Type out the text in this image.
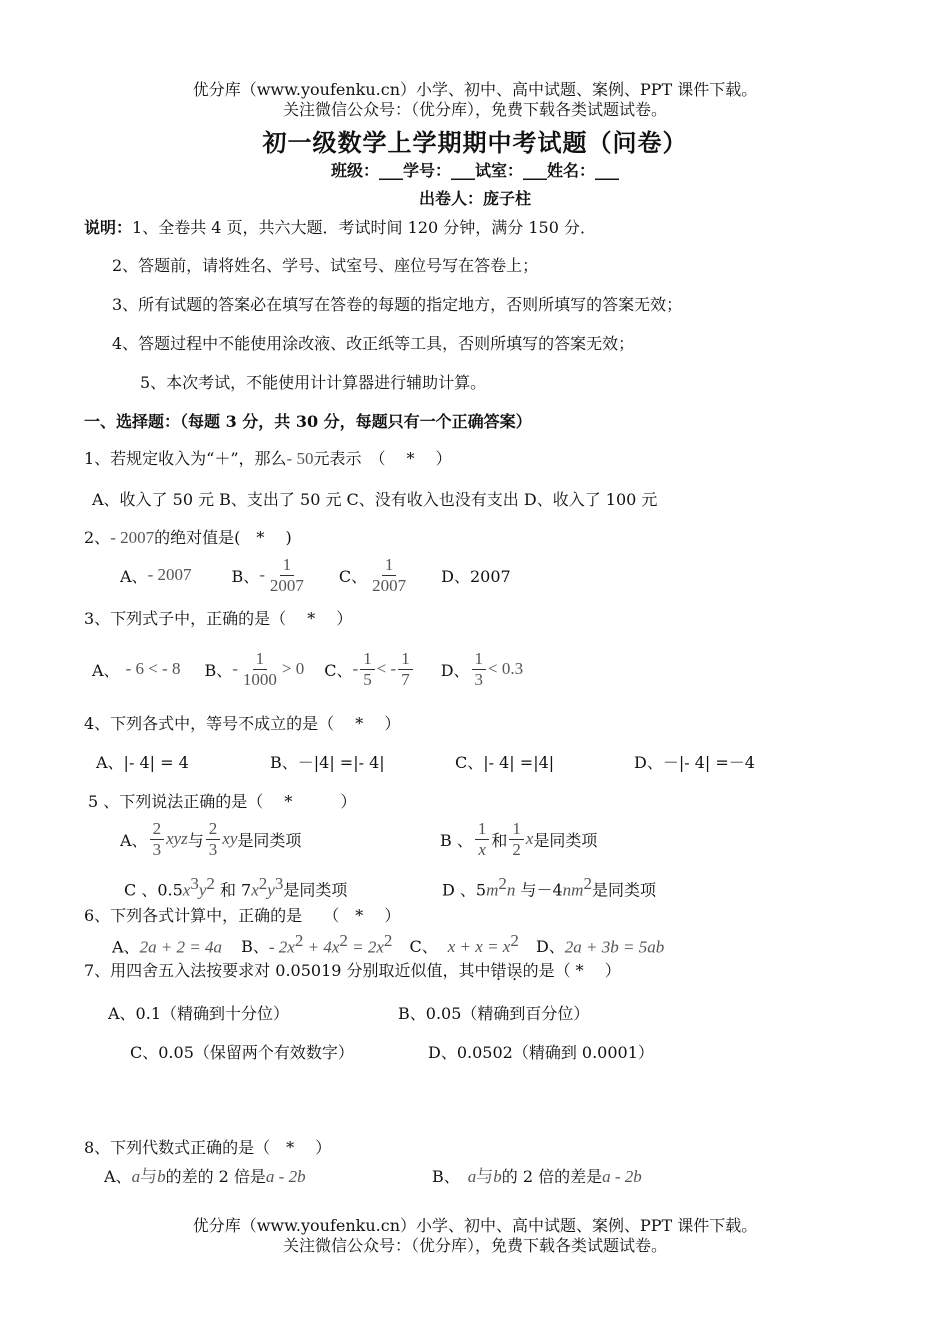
优分库（www.youfenku.cn）小学、初中、高中试题、案例、PPT 课件下载。
关注微信公众号：（优分库），免费下载各类试题试卷。
初一级数学上学期期中考试题（问卷）
班级：___学号：___试室：___姓名：___
出卷人：庞子柱
说明：1、全卷共 4 页，共六大题．考试时间 120 分钟，满分 150 分．
2、答题前，请将姓名、学号、试室号、座位号写在答卷上；
3、所有试题的答案必在填写在答卷的每题的指定地方，否则所填写的答案无效；
4、答题过程中不能使用涂改液、改正纸等工具，否则所填写的答案无效；
5、本次考试，不能使用计计算器进行辅助计算。
一、选择题：（每题 3 分，共 30 分，每题只有一个正确答案）
1、若规定收入为“＋”，那么- 50元表示　（　 *　 ）
A、收入了 50 元 B、支出了 50 元 C、没有收入也没有支出 D、收入了 100 元
2、- 2007的绝对值是(　*　 )
A、 - 2007	B、 - $\frac{1}{2007}$ C、 $\frac{1}{2007}$ D、2007
3、下列式子中，正确的是（　 *　 ）
A、 - 6 < - 8 B、 - $\frac{1}{1000} > 0$ C、 - $\frac{1}{5}$ < - $\frac{1}{7}$ D、 $\frac{1}{3} < 0.3$
4、下列各式中，等号不成立的是（　 *　 ）
A、|- 4| = 4	B、－|4| =|- 4|	C、|- 4| =|4|	D、－|- 4| =－4
5 、下列说法正确的是（　 *　　　）
A、 $\frac{2}{3}$ xyz 与 $\frac{2}{3}$ xy 是同类项	B 、 $\frac{1}{x}$ 和 $\frac{1}{2}$ x 是同类项
C 、$0.5x^3y^2$ 和 $7x^2y^3$是同类项	D 、$5m^2n$ 与$-4nm^2$是同类项
6、下列各式计算中，正确的是　 （　*　 ）
A、2a + 2 = 4a B、- $2x^2 + 4x^2 = 2x^2$ C、 $x + x = x^2$ D、2a + 3b = 5ab
7、用四舍五入法按要求对 0.05019 分别取近似值，其中错误的是（ *　 ）
A、0.1（精确到十分位）	B、0.05（精确到百分位）
C、0.05（保留两个有效数字）	D、0.0502（精确到 0.0001）
8、下列代数式正确的是（　*　 ）
A、a与b的差的 2 倍是a - 2b	B、 a与b的 2 倍的差是a - 2b
优分库（www.youfenku.cn）小学、初中、高中试题、案例、PPT 课件下载。
关注微信公众号：（优分库），免费下载各类试题试卷。
